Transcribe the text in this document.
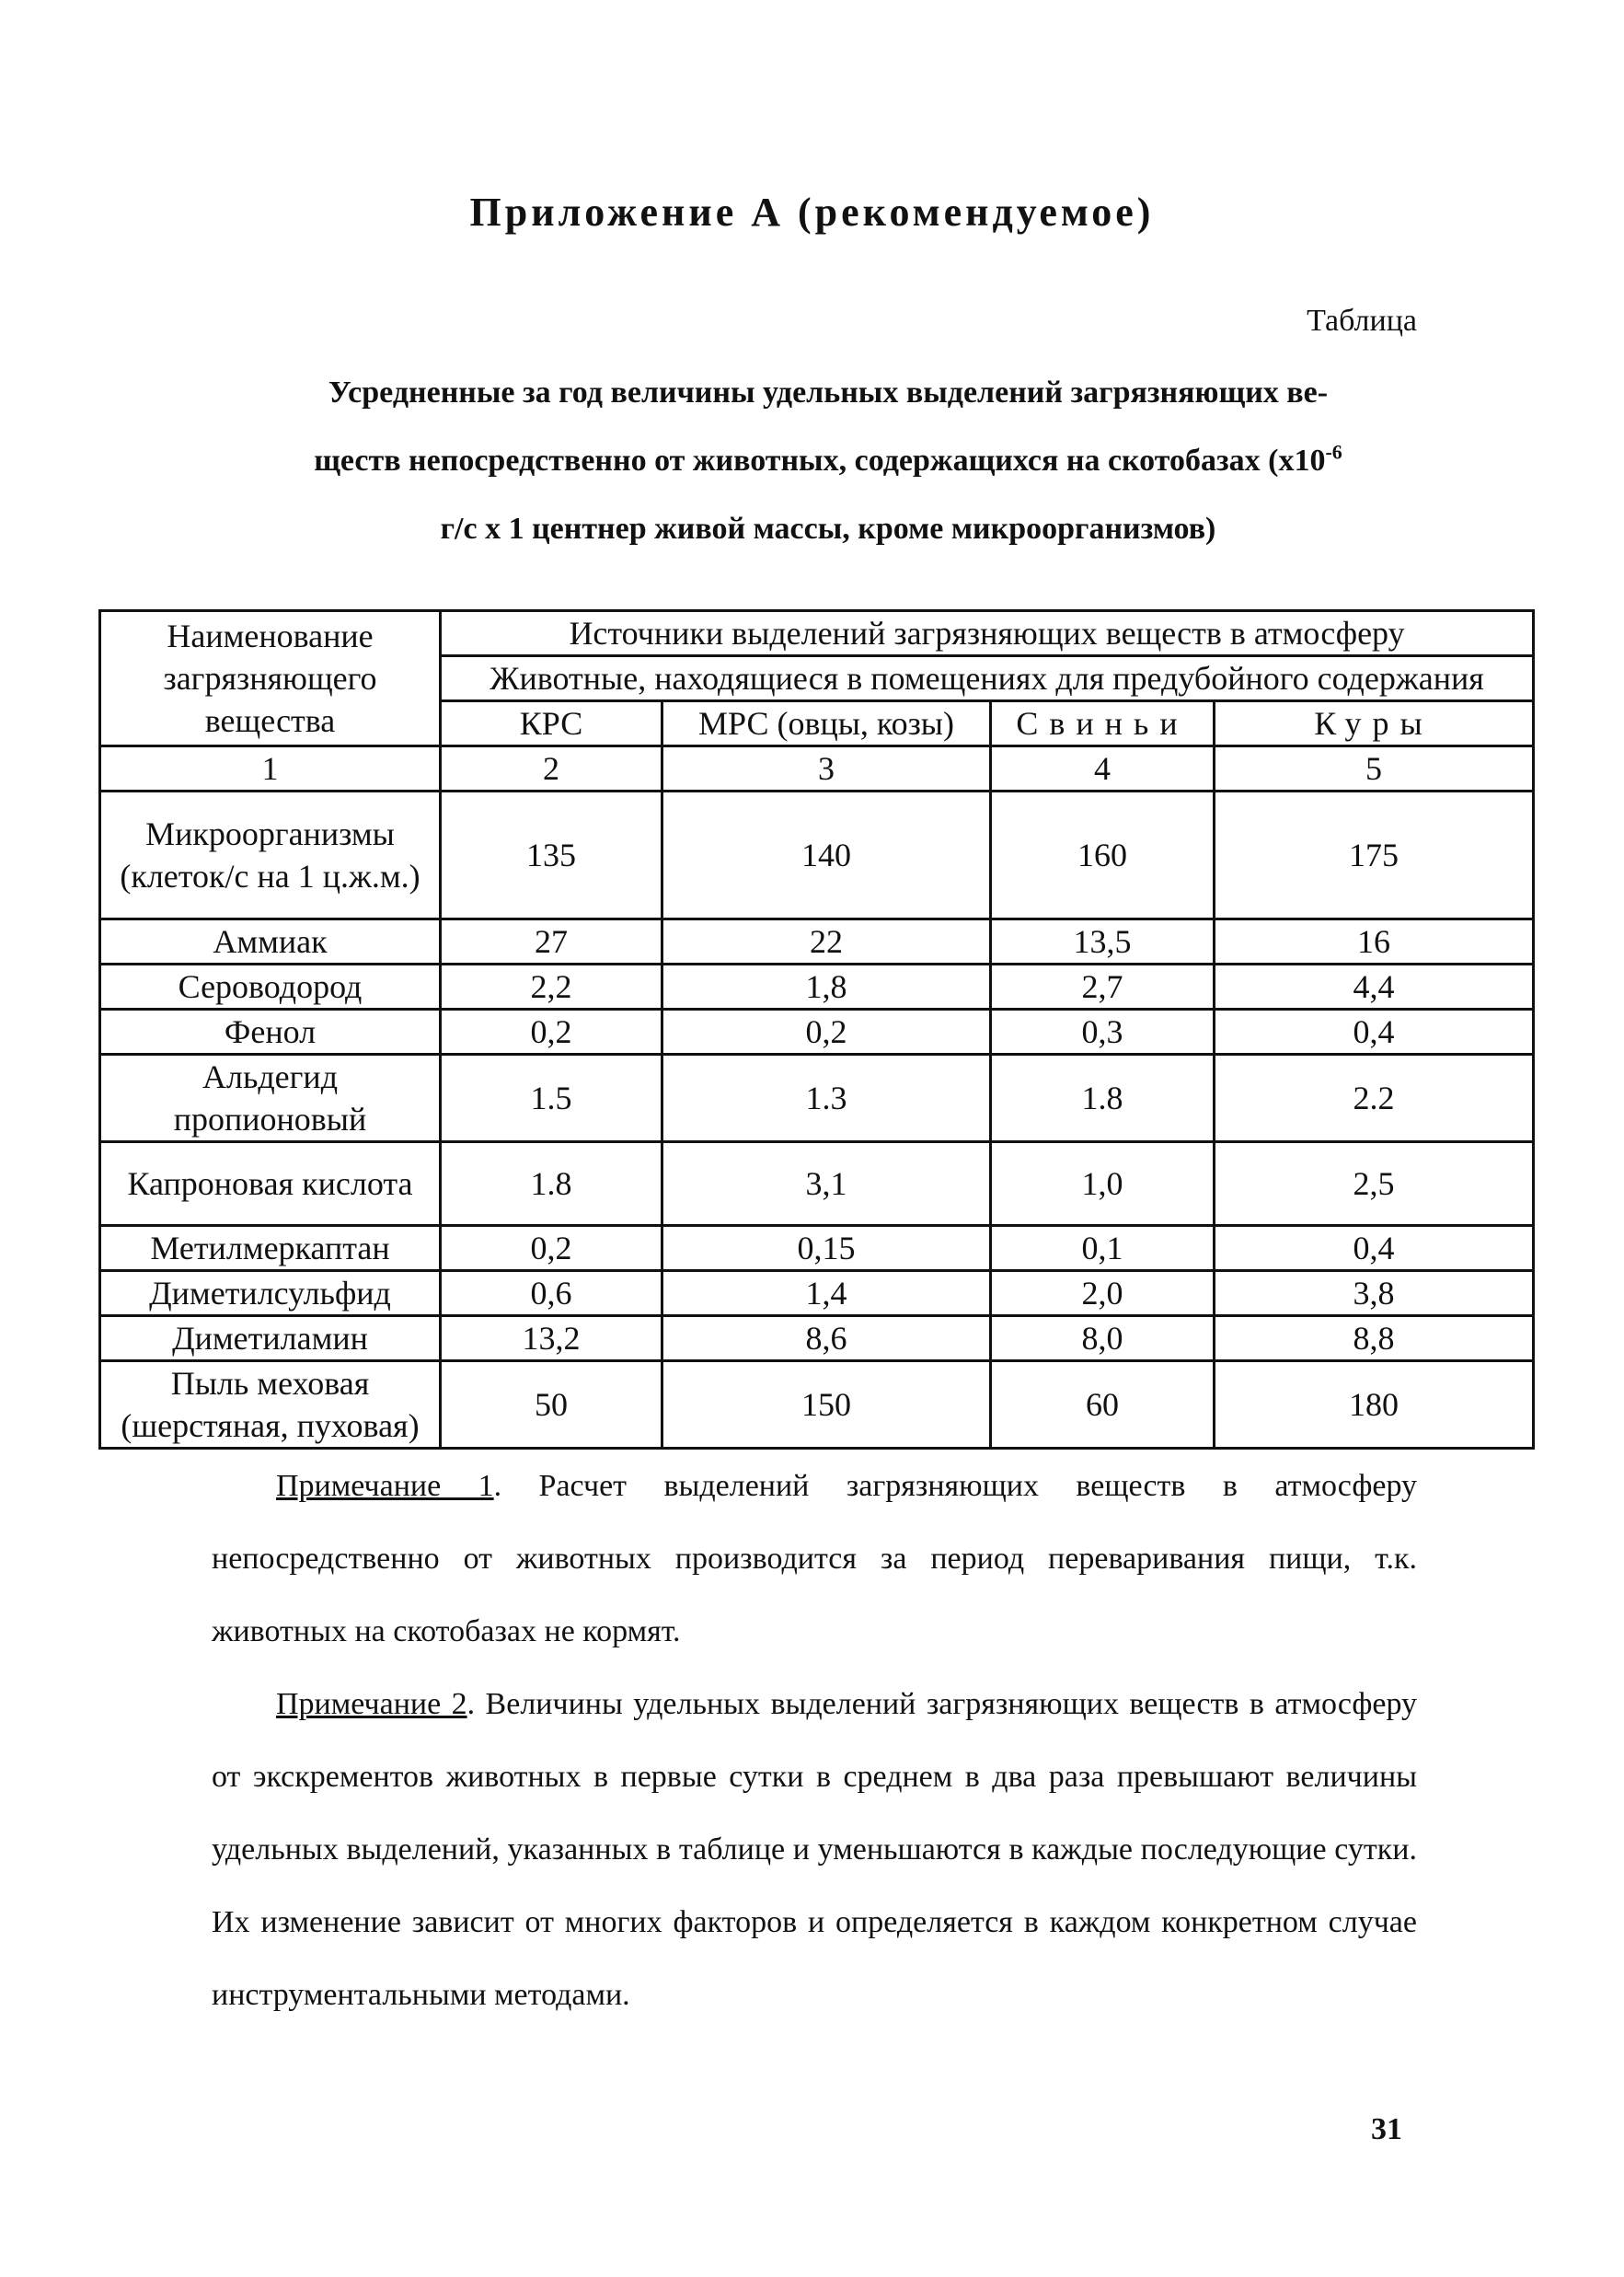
Приложение А (рекомендуемое)
Таблица
Усредненные за год величины удельных выделений загрязняющих ве-
ществ непосредственно от животных, содержащихся на скотобазах ($х10^{-6}$
г/с х 1 центнер живой массы, кроме микроорганизмов)
Наименование загрязняющего вещества	Источники выделений загрязняющих веществ в атмосферу			
	Животные, находящиеся в помещениях для предубойного содержания			
	КРС	МРС (овцы, козы)	Свиньи	Куры
1	2	3	4	5
Микроорганизмы (клеток/с на 1 ц.ж.м.)	135	140	160	175
Аммиак	27	22	13,5	16
Сероводород	2,2	1,8	2,7	4,4
Фенол	0,2	0,2	0,3	0,4
Альдегид пропионовый	1.5	1.3	1.8	2.2
Капроновая кислота	1.8	3,1	1,0	2,5
Метилмеркаптан	0,2	0,15	0,1	0,4
Диметилсульфид	0,6	1,4	2,0	3,8
Диметиламин	13,2	8,6	8,0	8,8
Пыль меховая (шерстяная, пуховая)	50	150	60	180
Примечание 1. Расчет выделений загрязняющих веществ в атмосферу непосредственно от животных производится за период переваривания пищи, т.к. животных на скотобазах не кормят.
Примечание 2. Величины удельных выделений загрязняющих веществ в атмосферу от экскрементов животных в первые сутки в среднем в два раза превышают величины удельных выделений, указанных в таблице и уменьшаются в каждые последующие сутки. Их изменение зависит от многих факторов и определяется в каждом конкретном случае инструментальными методами.
31
